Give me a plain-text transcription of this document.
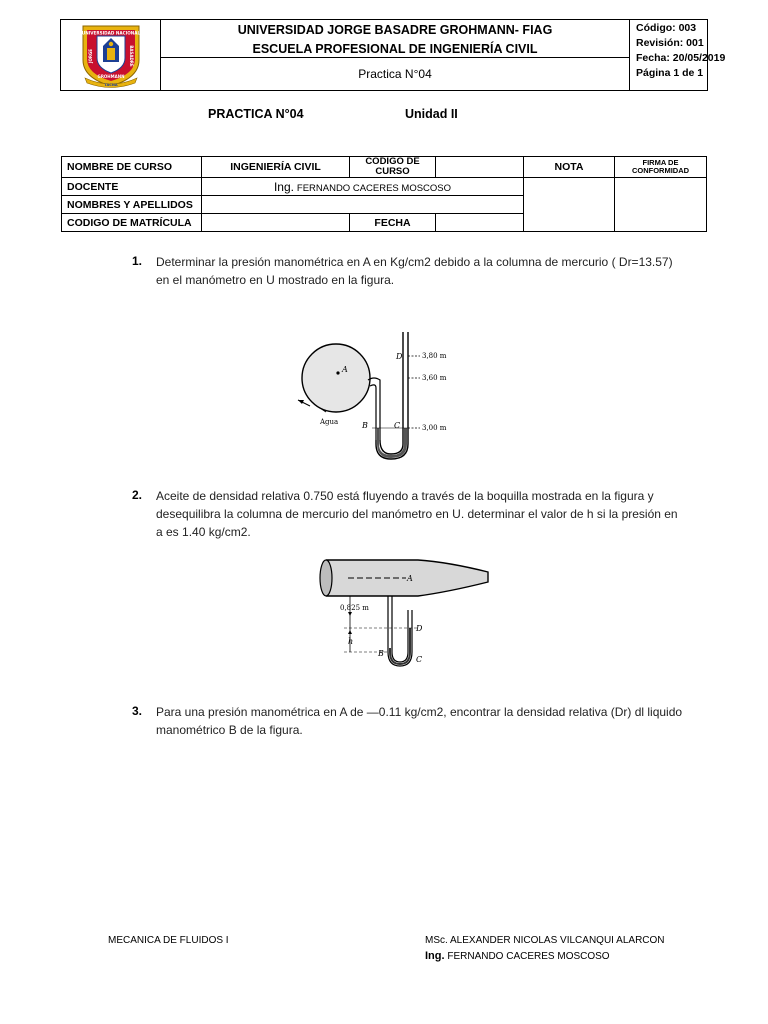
UNIVERSIDAD NACIONAL
JORGE	BASADRE
GROHMANN
TACNA
UNIVERSIDAD JORGE BASADRE GROHMANN- FIAG
ESCUELA PROFESIONAL DE INGENIERÍA CIVIL
Practica N°04
Código: 003
Revisión: 001
Fecha: 20/05/2019
Página 1 de 1
PRACTICA N°04	Unidad II
NOMBRE DE CURSO	INGENIERÍA CIVIL	CODIGO DE CURSO		NOTA	FIRMA DE CONFORMIDAD
DOCENTE	Ing. FERNANDO CACERES MOSCOSO				
NOMBRES Y APELLIDOS					
CODIGO DE MATRÍCULA		FECHA			
1. Determinar la presión manométrica en A en Kg/cm2 debido a la columna de mercurio ( Dr=13.57)
en el manómetro en U mostrado en la figura.
A
3,80 m
3,60 m
3,00 m
D
B	C
Agua
2. Aceite de densidad relativa 0.750 está fluyendo a través de la boquilla mostrada en la figura y
desequilibra la columna de mercurio del manómetro en U. determinar el valor de h si la presión en
a es 1.40 kg/cm2.
A
0,825 m
h
D
B
C
3. Para una presión manométrica en A de —0.11 kg/cm2, encontrar la densidad relativa (Dr) dl liquido
manométrico B de la figura.
MECANICA DE FLUIDOS I	MSc. ALEXANDER NICOLAS VILCANQUI ALARCON
Ing. FERNANDO CACERES MOSCOSO
